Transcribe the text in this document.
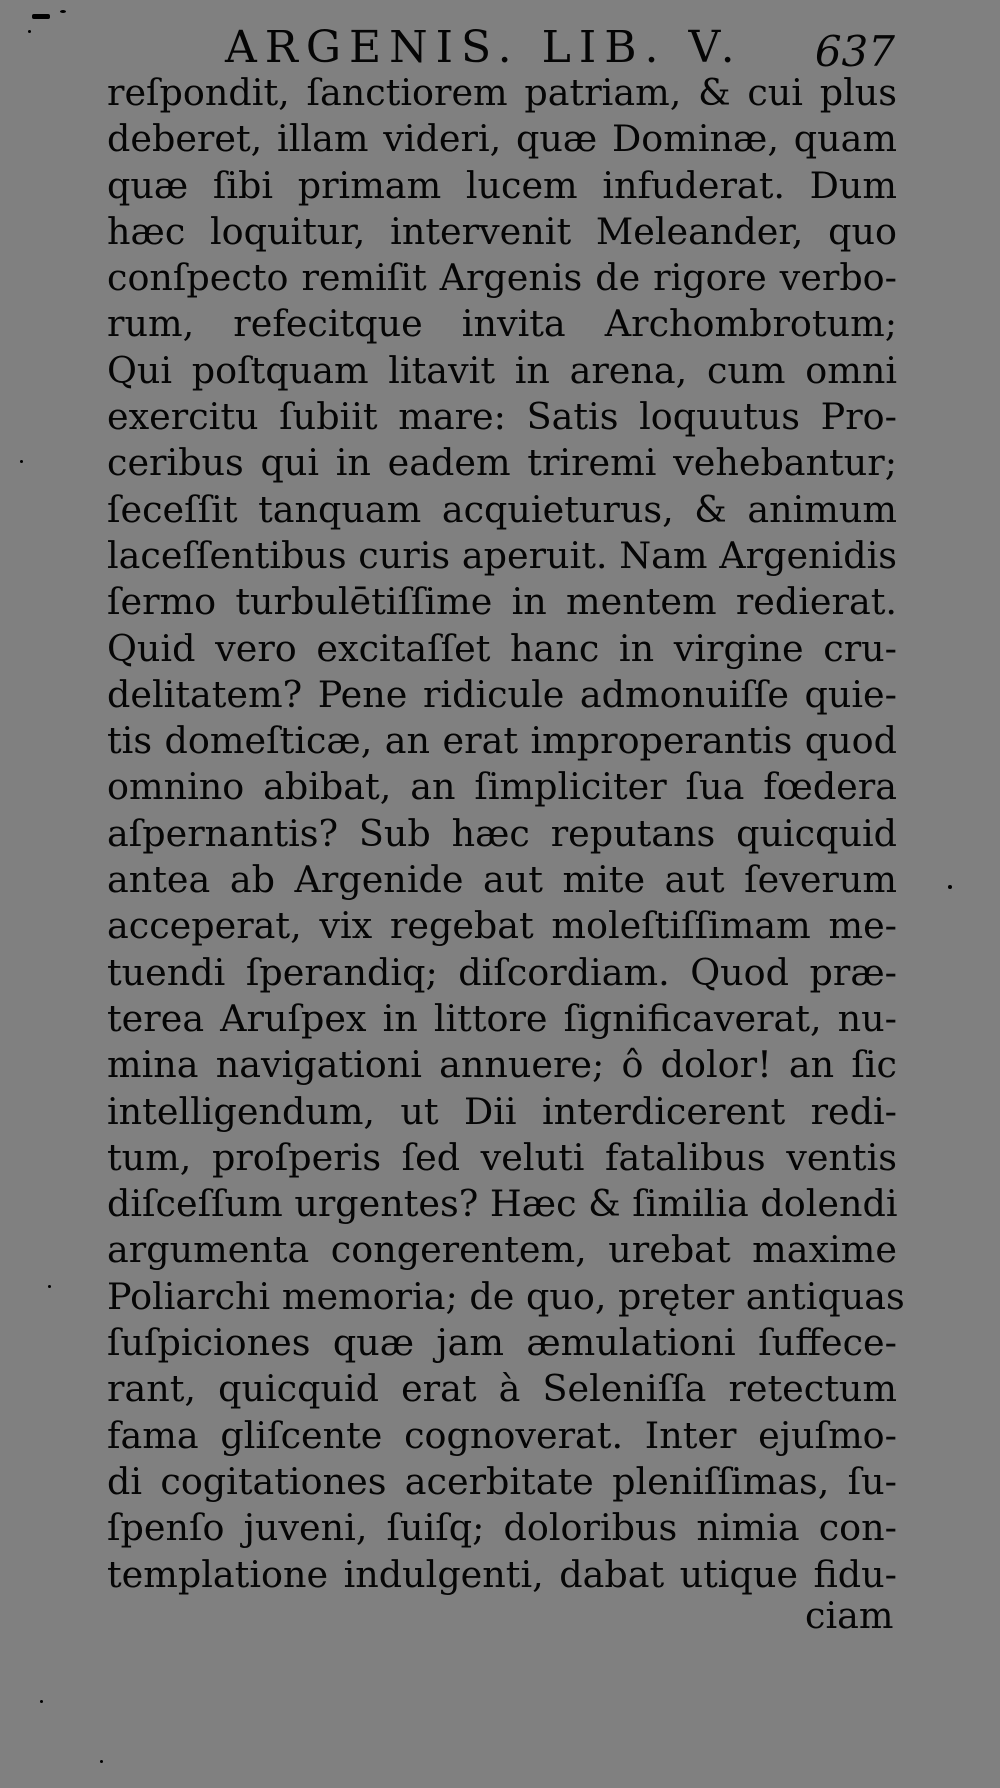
ARGENIS. LIB. V. 637
reſpondit, ſanctiorem patriam, & cui plus
deberet, illam videri, quæ Dominæ, quam
quæ ſibi primam lucem infuderat. Dum
hæc loquitur, intervenit Meleander, quo
conſpecto remiſit Argenis de rigore verbo-
rum, refecitque invita Archombrotum;
Qui poſtquam litavit in arena, cum omni
exercitu ſubiit mare: Satis loquutus Pro-
ceribus qui in eadem triremi vehebantur;
ſeceſſit tanquam acquieturus, & animum
laceſſentibus curis aperuit. Nam Argenidis
ſermo turbulētiſſime in mentem redierat.
Quid vero excitaſſet hanc in virgine cru-
delitatem? Pene ridicule admonuiſſe quie-
tis domeſticæ, an erat improperantis quod
omnino abibat, an ſimpliciter ſua fœdera
aſpernantis? Sub hæc reputans quicquid
antea ab Argenide aut mite aut ſeverum
acceperat, vix regebat moleſtiſſimam me-
tuendi ſperandiq; diſcordiam. Quod præ-
terea Aruſpex in littore ſignificaverat, nu-
mina navigationi annuere; ô dolor! an ſic
intelligendum, ut Dii interdicerent redi-
tum, proſperis ſed veluti fatalibus ventis
diſceſſum urgentes? Hæc & ſimilia dolendi
argumenta congerentem, urebat maxime
Poliarchi memoria; de quo, pręter antiquas
ſuſpiciones quæ jam æmulationi ſuffece-
rant, quicquid erat à Seleniſſa retectum
fama gliſcente cognoverat. Inter ejuſmo-
di cogitationes acerbitate pleniſſimas, ſu-
ſpenſo juveni, ſuiſq; doloribus nimia con-
templatione indulgenti, dabat utique fidu-
ciam
